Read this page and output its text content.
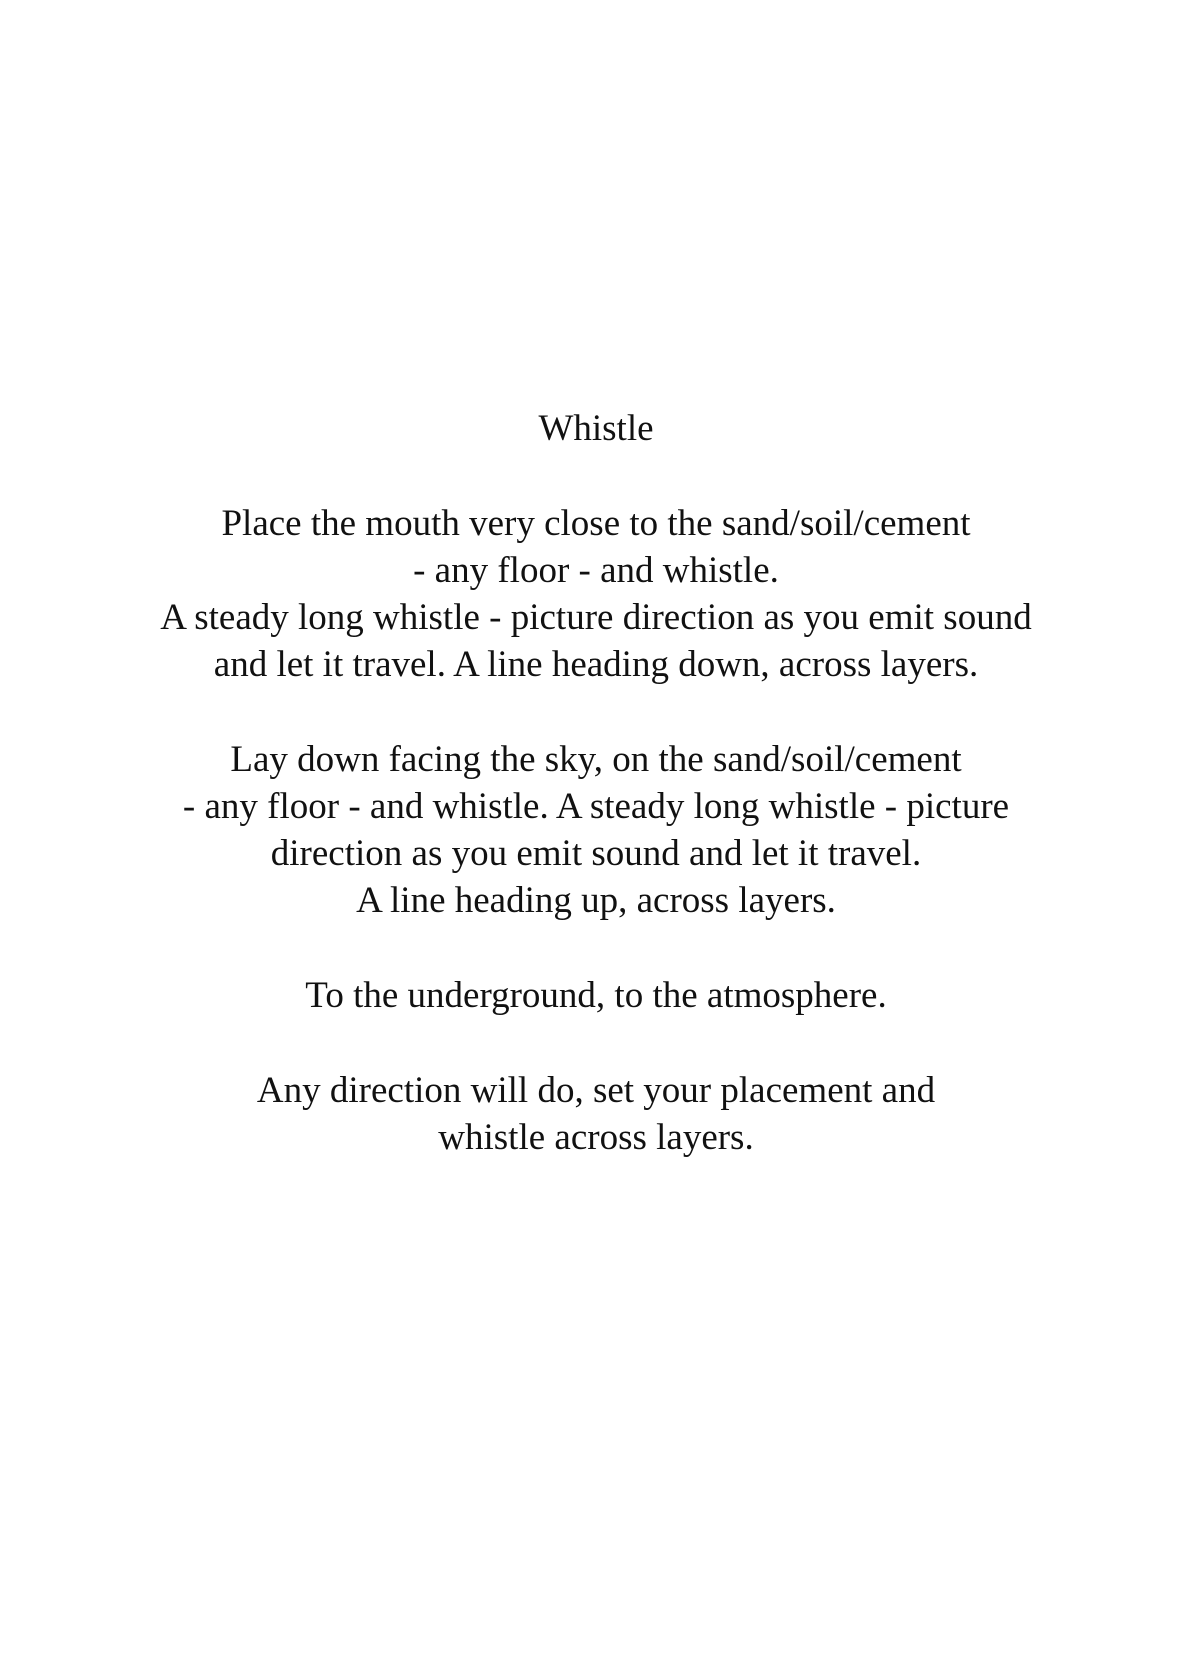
Whistle
Place the mouth very close to the sand/soil/cement
- any floor - and whistle.
A steady long whistle - picture direction as you emit sound
and let it travel. A line heading down, across layers.
Lay down facing the sky, on the sand/soil/cement
- any floor - and whistle. A steady long whistle - picture
direction as you emit sound and let it travel.
A line heading up, across layers.
To the underground, to the atmosphere.
Any direction will do, set your placement and
whistle across layers.
